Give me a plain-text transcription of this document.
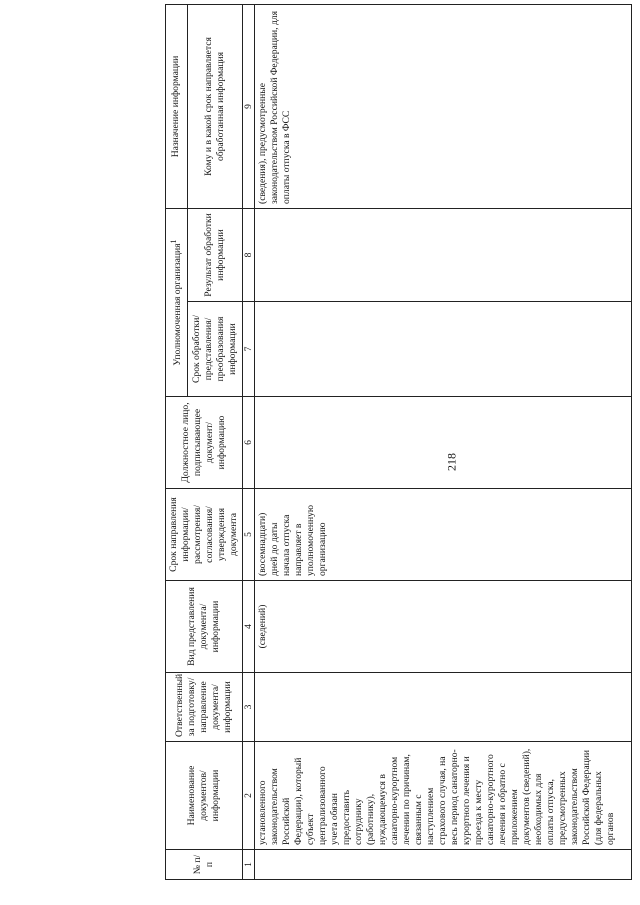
218
№ п/п	Наименование документов/ информации	Ответственный за подготовку/ направление документа/ информации	Вид представления документа/ информации	Срок направления информации/ рассмотрения/ согласования/ утверждения документа	Должностное лицо, подписывающее документ/ информацию	Уполномоченная организация$^1$		Назначение информации
						Срок обработки/ представления/ преобразования информации	Результат обработки информации	Кому и в какой срок направляется обработанная информация
1	2	3	4	5	6	7	8	9
	установленного законодательством Российской Федерации), который субъект централизованного учета обязан предоставить сотруднику (работнику), нуждающемуся в санаторно-курортном лечении по причинам, связанным с наступлением страхового случая, на весь период санаторно-курортного лечения и проезда к месту санаторно-курортного лечения и обратно с приложением документов (сведений), необходимых для оплаты отпуска, предусмотренных законодательством Российской Федерации (для федеральных органов		(сведений)	(восемнадцати) дней до даты начала отпуска направляет в уполномоченную организацию				(сведения), предусмотренные законодательством Российской Федерации, для оплаты отпуска в ФСС
